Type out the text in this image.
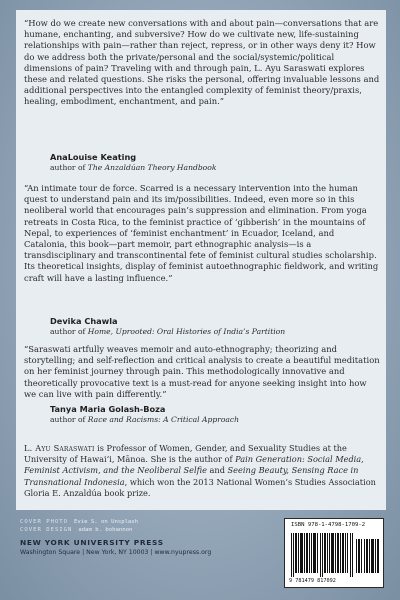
“How do we create new conversations with and about pain—conversations that are humane, enchanting, and subversive? How do we cultivate new, life-sustaining relationships with pain—rather than reject, repress, or in other ways deny it? How do we address both the private/personal and the social/systemic/political dimensions of pain? Traveling with and through pain, L. Ayu Saraswati explores these and related questions. She risks the personal, offering invaluable lessons and additional perspectives into the entangled complexity of feminist theory/praxis, healing, embodiment, enchantment, and pain.”

AnaLouise Keating

author of The Anzaldúan Theory Handbook

“An intimate tour de force. Scarred is a necessary intervention into the human quest to understand pain and its im/possibilities. Indeed, even more so in this neoliberal world that encourages pain’s suppression and elimination. From yoga retreats in Costa Rica, to the feminist practice of ‘gibberish’ in the mountains of Nepal, to experiences of ‘feminist enchantment’ in Ecuador, Iceland, and Catalonia, this book—part memoir, part ethnographic analysis—is a transdisciplinary and transcontinental fete of feminist cultural studies scholarship. Its theoretical insights, display of feminist autoethnographic fieldwork, and writing craft will have a lasting influence.”

Devika Chawla

author of Home, Uprooted: Oral Histories of India’s Partition

“Saraswati artfully weaves memoir and auto-ethnography; theorizing and storytelling; and self-reflection and critical analysis to create a beautiful meditation on her feminist journey through pain. This methodologically innovative and theoretically provocative text is a must-read for anyone seeking insight into how we can live with pain differently.”

Tanya Maria Golash-Boza

author of Race and Racisms: A Critical Approach

L. Ayu Saraswati is Professor of Women, Gender, and Sexuality Studies at the University of Hawai‘i, Mānoa. She is the author of Pain Generation: Social Media, Feminist Activism, and the Neoliberal Selfie and Seeing Beauty, Sensing Race in Transnational Indonesia, which won the 2013 National Women’s Studies Association Gloria E. Anzaldúa book prize.

COVER PHOTO Evie S. on Unsplash
COVER DESIGN adam b. bohannon
NEW YORK UNIVERSITY PRESS
Washington Square | New York, NY 10003 | www.nyupress.org
ISBN 978-1-4798-1709-2
9 781479 817092
